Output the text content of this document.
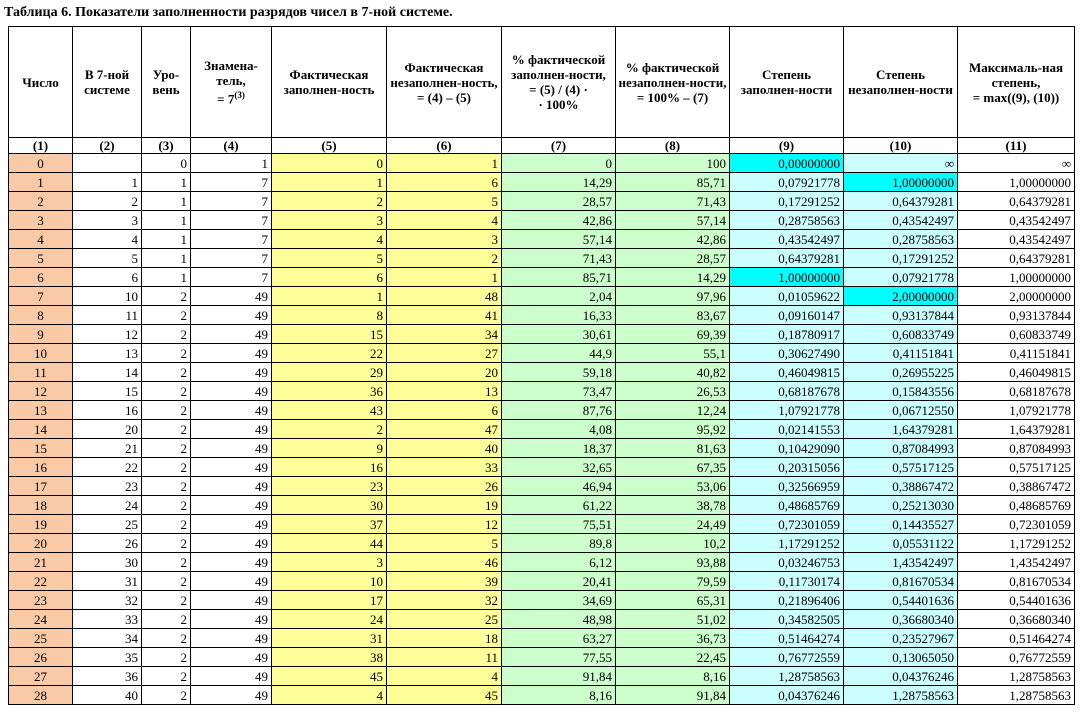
Таблица 6. Показатели заполненности разрядов чисел в 7-ной системе.
Число	В 7-ной системе	Уро-вень	Знамена-тель,
= $7^{(3)}$	Фактическая заполнен-ность	Фактическая незаполнен-ность,
= (4) – (5)	% фактической заполнен-ности,
= (5) / (4) ·
· 100%	% фактической незаполнен-ности,
= 100% – (7)	Степень заполнен-ности	Степень незаполнен-ности	Максималь-ная степень,
= max((9), (10))
(1)	(2)	(3)	(4)	(5)	(6)	(7)	(8)	(9)	(10)	(11)
0		0	1	0	1	0	100	0,00000000	∞	∞
1	1	1	7	1	6	14,29	85,71	0,07921778	1,00000000	1,00000000
2	2	1	7	2	5	28,57	71,43	0,17291252	0,64379281	0,64379281
3	3	1	7	3	4	42,86	57,14	0,28758563	0,43542497	0,43542497
4	4	1	7	4	3	57,14	42,86	0,43542497	0,28758563	0,43542497
5	5	1	7	5	2	71,43	28,57	0,64379281	0,17291252	0,64379281
6	6	1	7	6	1	85,71	14,29	1,00000000	0,07921778	1,00000000
7	10	2	49	1	48	2,04	97,96	0,01059622	2,00000000	2,00000000
8	11	2	49	8	41	16,33	83,67	0,09160147	0,93137844	0,93137844
9	12	2	49	15	34	30,61	69,39	0,18780917	0,60833749	0,60833749
10	13	2	49	22	27	44,9	55,1	0,30627490	0,41151841	0,41151841
11	14	2	49	29	20	59,18	40,82	0,46049815	0,26955225	0,46049815
12	15	2	49	36	13	73,47	26,53	0,68187678	0,15843556	0,68187678
13	16	2	49	43	6	87,76	12,24	1,07921778	0,06712550	1,07921778
14	20	2	49	2	47	4,08	95,92	0,02141553	1,64379281	1,64379281
15	21	2	49	9	40	18,37	81,63	0,10429090	0,87084993	0,87084993
16	22	2	49	16	33	32,65	67,35	0,20315056	0,57517125	0,57517125
17	23	2	49	23	26	46,94	53,06	0,32566959	0,38867472	0,38867472
18	24	2	49	30	19	61,22	38,78	0,48685769	0,25213030	0,48685769
19	25	2	49	37	12	75,51	24,49	0,72301059	0,14435527	0,72301059
20	26	2	49	44	5	89,8	10,2	1,17291252	0,05531122	1,17291252
21	30	2	49	3	46	6,12	93,88	0,03246753	1,43542497	1,43542497
22	31	2	49	10	39	20,41	79,59	0,11730174	0,81670534	0,81670534
23	32	2	49	17	32	34,69	65,31	0,21896406	0,54401636	0,54401636
24	33	2	49	24	25	48,98	51,02	0,34582505	0,36680340	0,36680340
25	34	2	49	31	18	63,27	36,73	0,51464274	0,23527967	0,51464274
26	35	2	49	38	11	77,55	22,45	0,76772559	0,13065050	0,76772559
27	36	2	49	45	4	91,84	8,16	1,28758563	0,04376246	1,28758563
28	40	2	49	4	45	8,16	91,84	0,04376246	1,28758563	1,28758563
